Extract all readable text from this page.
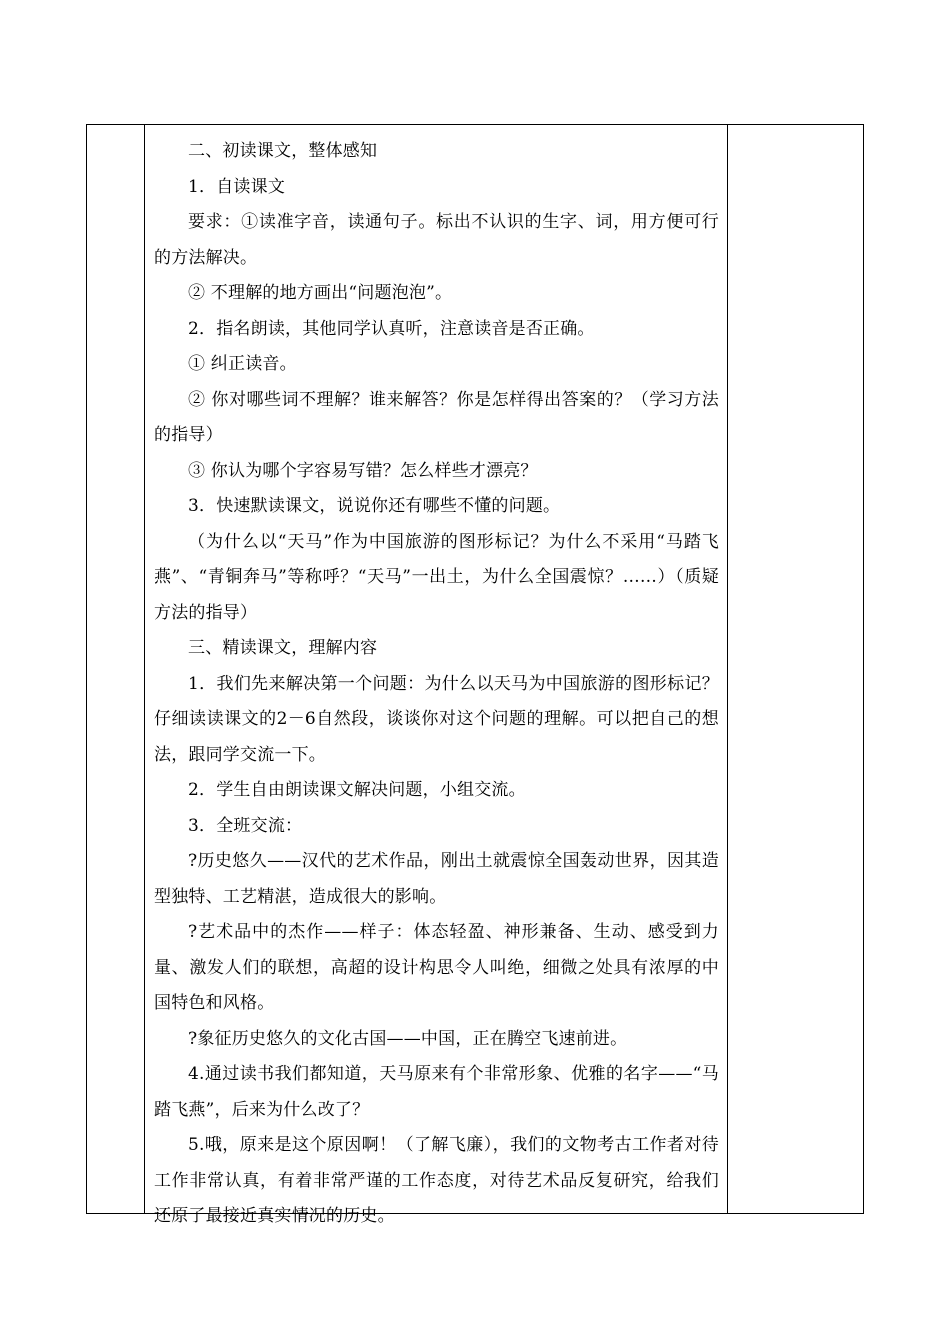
二、初读课文，整体感知

1．自读课文

要求：①读准字音，读通句子。标出不认识的生字、词，用方便可行的方法解决。

② 不理解的地方画出“问题泡泡”。

2．指名朗读，其他同学认真听，注意读音是否正确。

① 纠正读音。

② 你对哪些词不理解？谁来解答？你是怎样得出答案的？（学习方法的指导）

③ 你认为哪个字容易写错？怎么样些才漂亮？

3．快速默读课文，说说你还有哪些不懂的问题。

（为什么以“天马”作为中国旅游的图形标记？为什么不采用“马踏飞燕”、“青铜奔马”等称呼？“天马”一出土，为什么全国震惊？……）（质疑方法的指导）

三、精读课文，理解内容

1．我们先来解决第一个问题：为什么以天马为中国旅游的图形标记？仔细读读课文的2－6自然段，谈谈你对这个问题的理解。可以把自己的想法，跟同学交流一下。

2．学生自由朗读课文解决问题，小组交流。

3．全班交流：

?历史悠久——汉代的艺术作品，刚出土就震惊全国轰动世界，因其造型独特、工艺精湛，造成很大的影响。

?艺术品中的杰作——样子：体态轻盈、神形兼备、生动、感受到力量、激发人们的联想，高超的设计构思令人叫绝，细微之处具有浓厚的中国特色和风格。

?象征历史悠久的文化古国——中国，正在腾空飞速前进。

4.通过读书我们都知道，天马原来有个非常形象、优雅的名字——“马踏飞燕”，后来为什么改了？

5.哦，原来是这个原因啊！（了解飞廉），我们的文物考古工作者对待工作非常认真，有着非常严谨的工作态度，对待艺术品反复研究，给我们还原了最接近真实情况的历史。
